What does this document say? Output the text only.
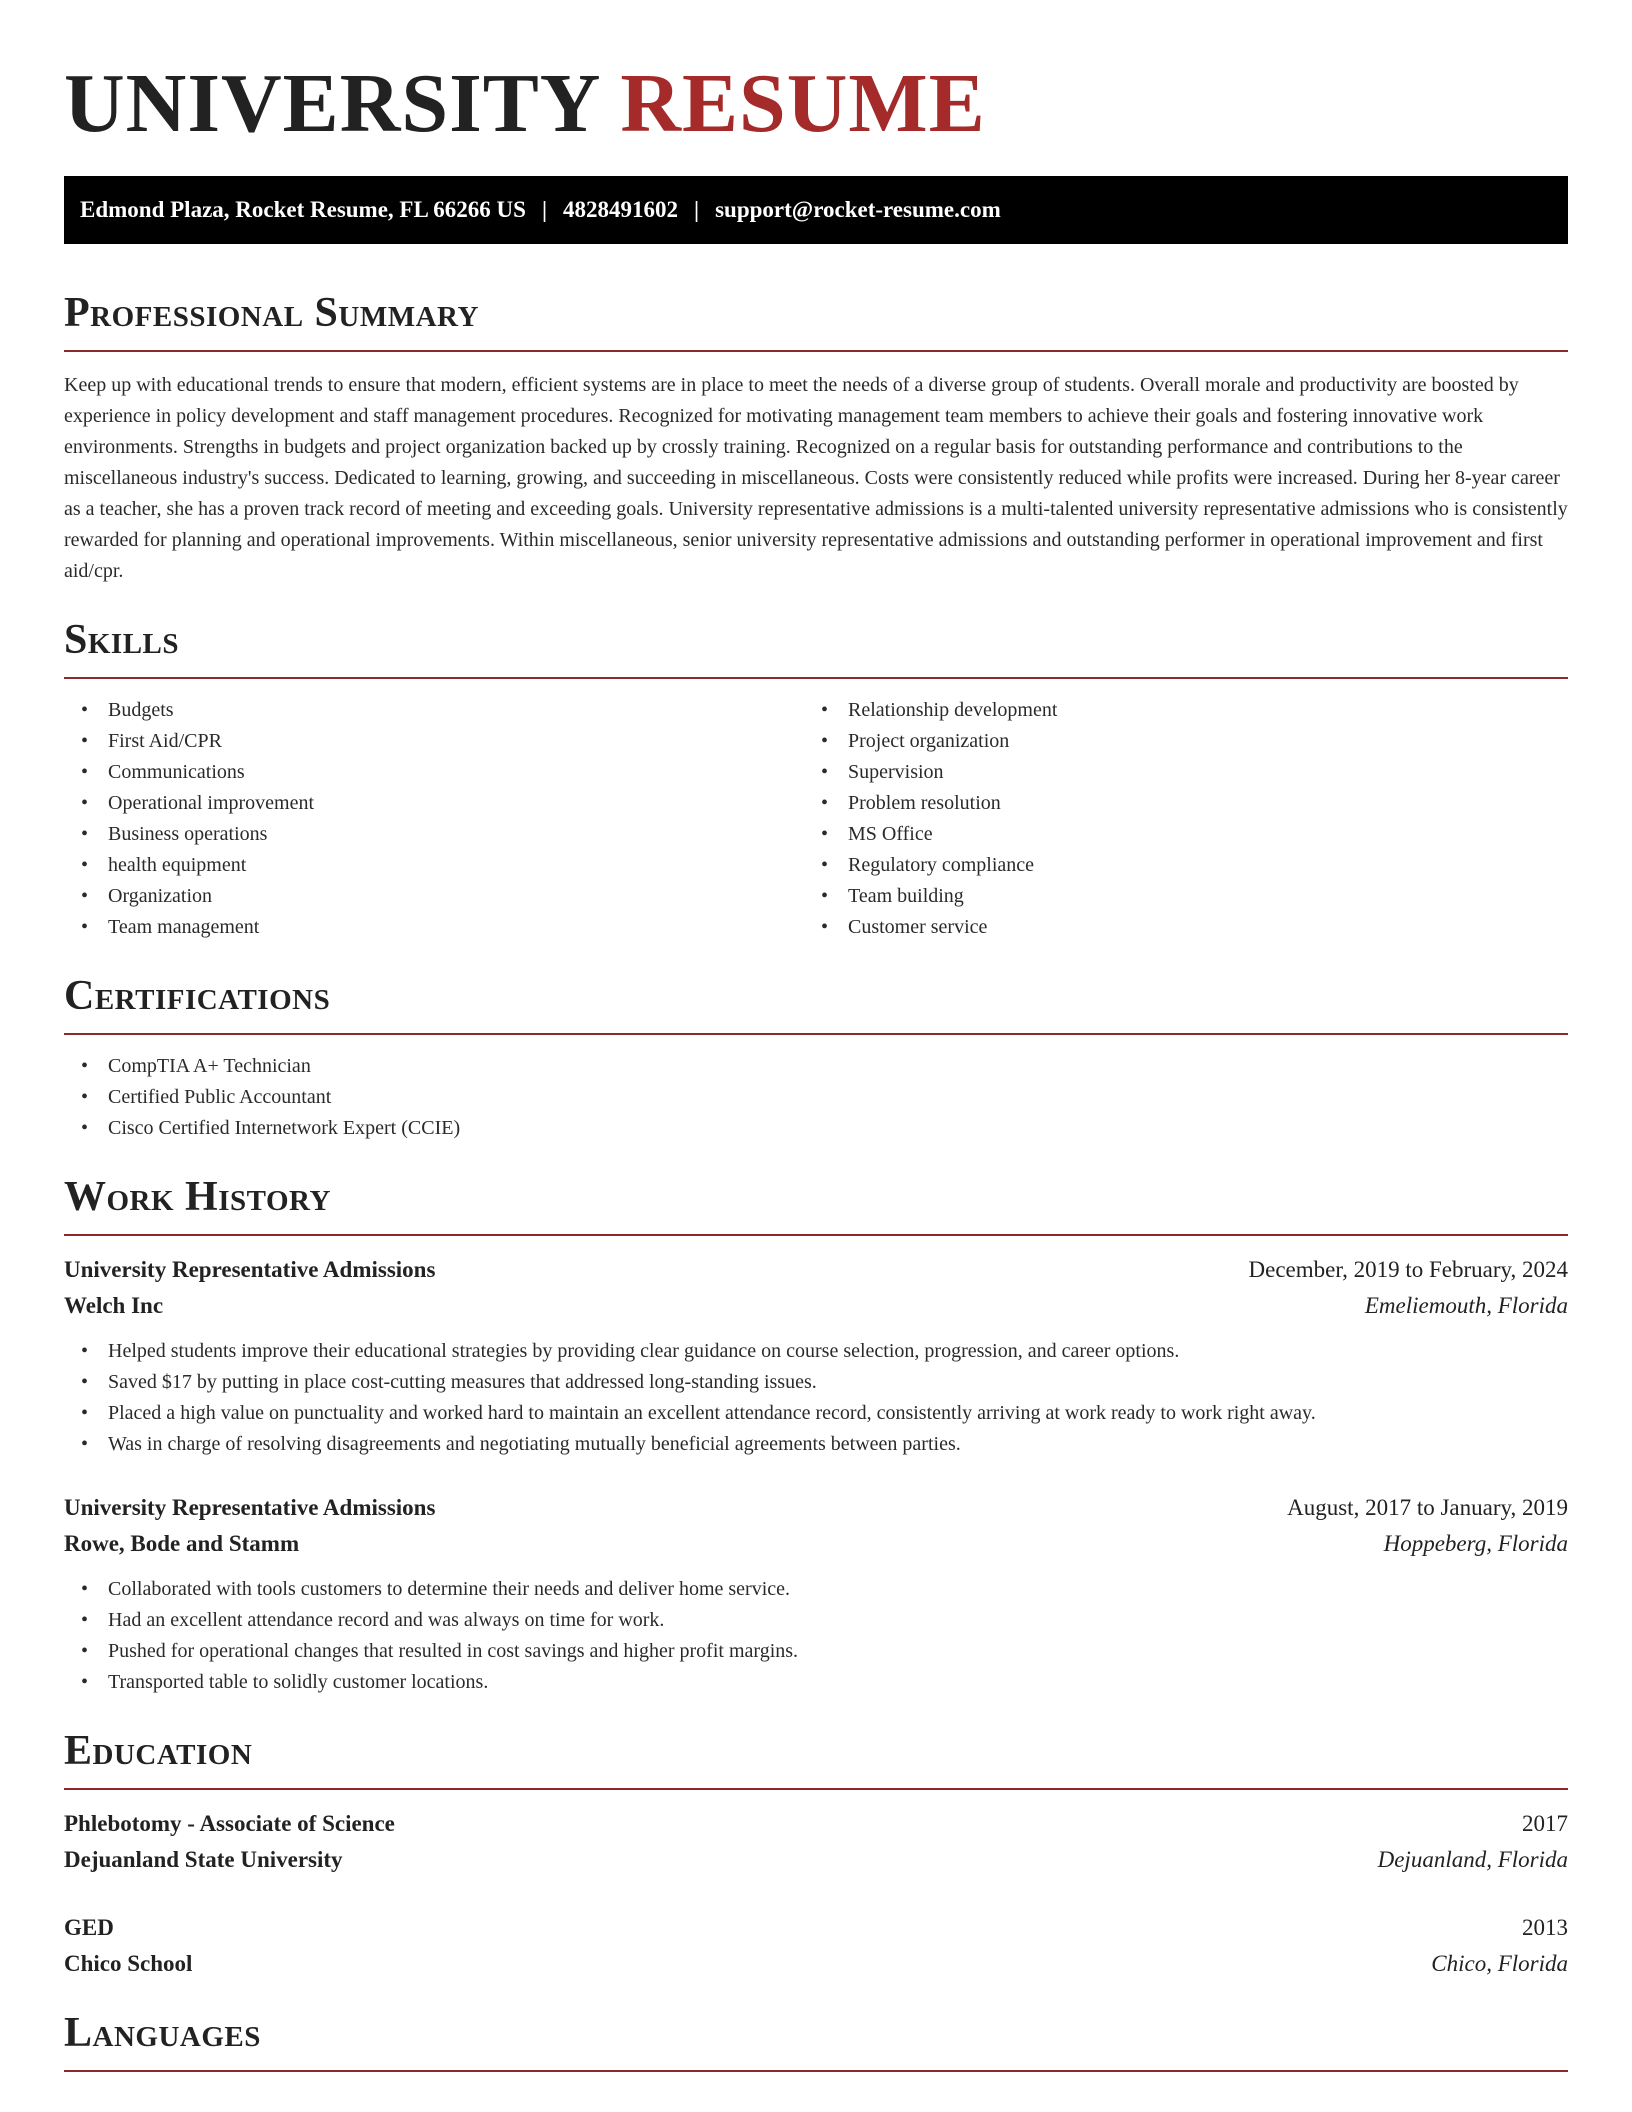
UNIVERSITY RESUME
Edmond Plaza, Rocket Resume, FL 66266 US | 4828491602 | support@rocket-resume.com
Professional Summary

Keep up with educational trends to ensure that modern, efficient systems are in place to meet the needs of a diverse group of students. Overall morale and productivity are boosted by experience in policy development and staff management procedures. Recognized for motivating management team members to achieve their goals and fostering innovative work environments. Strengths in budgets and project organization backed up by crossly training. Recognized on a regular basis for outstanding performance and contributions to the miscellaneous industry's success. Dedicated to learning, growing, and succeeding in miscellaneous. Costs were consistently reduced while profits were increased. During her 8-year career as a teacher, she has a proven track record of meeting and exceeding goals. University representative admissions is a multi-talented university representative admissions who is consistently rewarded for planning and operational improvements. Within miscellaneous, senior university representative admissions and outstanding performer in operational improvement and first aid/cpr.

Skills
• Budgets
• First Aid/CPR
• Communications
• Operational improvement
• Business operations
• health equipment
• Organization
• Team management
• Relationship development
• Project organization
• Supervision
• Problem resolution
• MS Office
• Regulatory compliance
• Team building
• Customer service
Certifications
• CompTIA A+ Technician
• Certified Public Accountant
• Cisco Certified Internetwork Expert (CCIE)
Work History
University Representative Admissions	December, 2019 to February, 2024
Welch Inc	Emeliemouth, Florida
• Helped students improve their educational strategies by providing clear guidance on course selection, progression, and career options.
• Saved $17 by putting in place cost-cutting measures that addressed long-standing issues.
• Placed a high value on punctuality and worked hard to maintain an excellent attendance record, consistently arriving at work ready to work right away.
• Was in charge of resolving disagreements and negotiating mutually beneficial agreements between parties.
University Representative Admissions	August, 2017 to January, 2019
Rowe, Bode and Stamm	Hoppeberg, Florida
• Collaborated with tools customers to determine their needs and deliver home service.
• Had an excellent attendance record and was always on time for work.
• Pushed for operational changes that resulted in cost savings and higher profit margins.
• Transported table to solidly customer locations.
Education
Phlebotomy - Associate of Science	2017
Dejuanland State University	Dejuanland, Florida
GED	2013
Chico School	Chico, Florida
Languages
